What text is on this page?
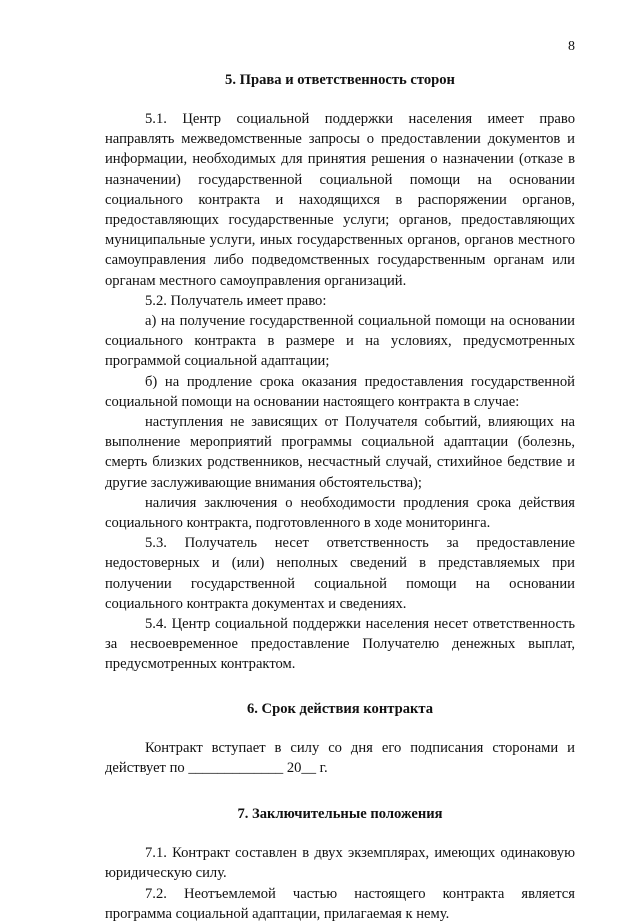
8
5. Права и ответственность сторон

5.1. Центр социальной поддержки населения имеет право направлять межведомственные запросы о предоставлении документов и информации, необходимых для принятия решения о назначении (отказе в назначении) государственной социальной помощи на основании социального контракта и находящихся в распоряжении органов, предоставляющих государственные услуги; органов, предоставляющих муниципальные услуги, иных государственных органов, органов местного самоуправления либо подведомственных государственным органам или органам местного самоуправления организаций.

5.2. Получатель имеет право:

а) на получение государственной социальной помощи на основании социального контракта в размере и на условиях, предусмотренных программой социальной адаптации;

б) на продление срока оказания предоставления государственной социальной помощи на основании настоящего контракта в случае:

наступления не зависящих от Получателя событий, влияющих на выполнение мероприятий программы социальной адаптации (болезнь, смерть близких родственников, несчастный случай, стихийное бедствие и другие заслуживающие внимания обстоятельства);

наличия заключения о необходимости продления срока действия социального контракта, подготовленного в ходе мониторинга.

5.3. Получатель несет ответственность за предоставление недостоверных и (или) неполных сведений в представляемых при получении государственной социальной помощи на основании социального контракта документах и сведениях.

5.4. Центр социальной поддержки населения несет ответственность за несвоевременное предоставление Получателю денежных выплат, предусмотренных контрактом.

6. Срок действия контракта

Контракт вступает в силу со дня его подписания сторонами и действует по _____________ 20__ г.

7. Заключительные положения

7.1. Контракт составлен в двух экземплярах, имеющих одинаковую юридическую силу.

7.2. Неотъемлемой частью настоящего контракта является программа социальной адаптации, прилагаемая к нему.
